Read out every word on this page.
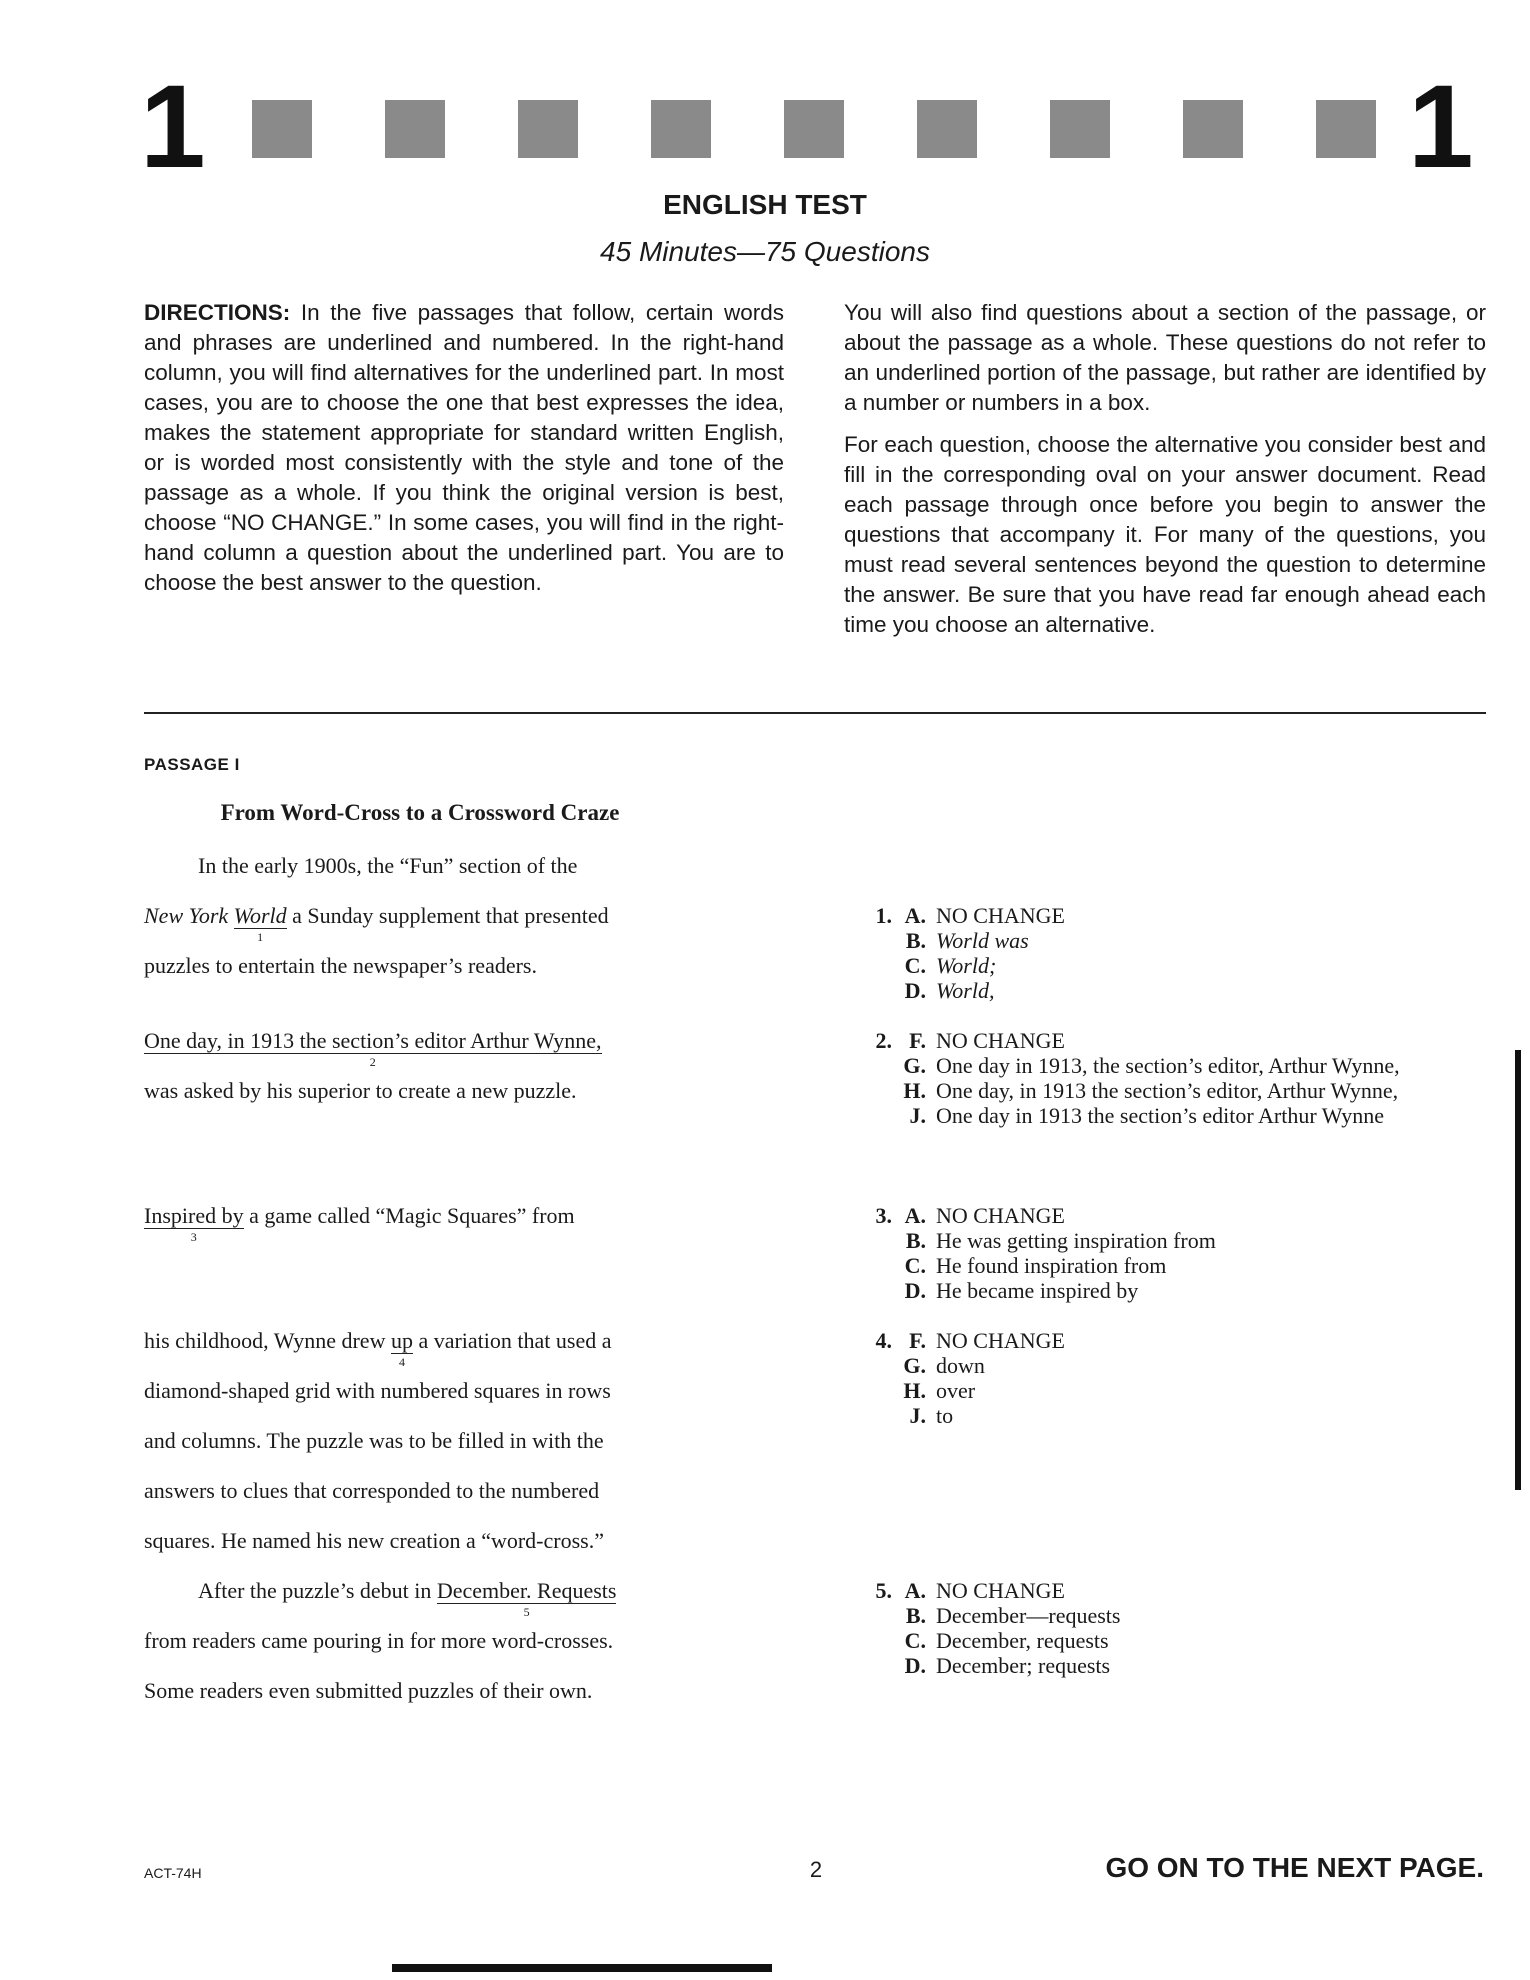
1	1
ENGLISH TEST
45 Minutes—75 Questions

DIRECTIONS: In the five passages that follow, certain words and phrases are underlined and numbered. In the right-hand column, you will find alternatives for the underlined part. In most cases, you are to choose the one that best expresses the idea, makes the statement appropriate for standard written English, or is worded most consistently with the style and tone of the passage as a whole. If you think the original version is best, choose “NO CHANGE.” In some cases, you will find in the right-hand column a question about the underlined part. You are to choose the best answer to the question.

You will also find questions about a section of the passage, or about the passage as a whole. These questions do not refer to an underlined portion of the passage, but rather are identified by a number or numbers in a box.

For each question, choose the alternative you consider best and fill in the corresponding oval on your answer document. Read each passage through once before you begin to answer the questions that accompany it. For many of the questions, you must read several sentences beyond the question to determine the answer. Be sure that you have read far enough ahead each time you choose an alternative.

PASSAGE I
From Word-Cross to a Crossword Craze
In the early 1900s, the “Fun” section of the
New York World
1
a Sunday supplement that presented
puzzles to entertain the newspaper’s readers.
One day, in 1913 the section’s editor Arthur Wynne,
2
was asked by his superior to create a new puzzle.
Inspired by
3
a game called “Magic Squares” from
his childhood, Wynne drew up
4
a variation that used a
diamond-shaped grid with numbered squares in rows
and columns. The puzzle was to be filled in with the
answers to clues that corresponded to the numbered
squares. He named his new creation a “word-cross.”
After the puzzle’s debut in December. Requests
5
from readers came pouring in for more word-crosses.
Some readers even submitted puzzles of their own.
1. A. NO CHANGE
B. World was
C. World;
D. World,
2. F. NO CHANGE
G. One day in 1913, the section’s editor, Arthur Wynne,
H. One day, in 1913 the section’s editor, Arthur Wynne,
J. One day in 1913 the section’s editor Arthur Wynne
3. A. NO CHANGE
B. He was getting inspiration from
C. He found inspiration from
D. He became inspired by
4. F. NO CHANGE
G. down
H. over
J. to
5. A. NO CHANGE
B. December—requests
C. December, requests
D. December; requests
ACT-74H	2	GO ON TO THE NEXT PAGE.
